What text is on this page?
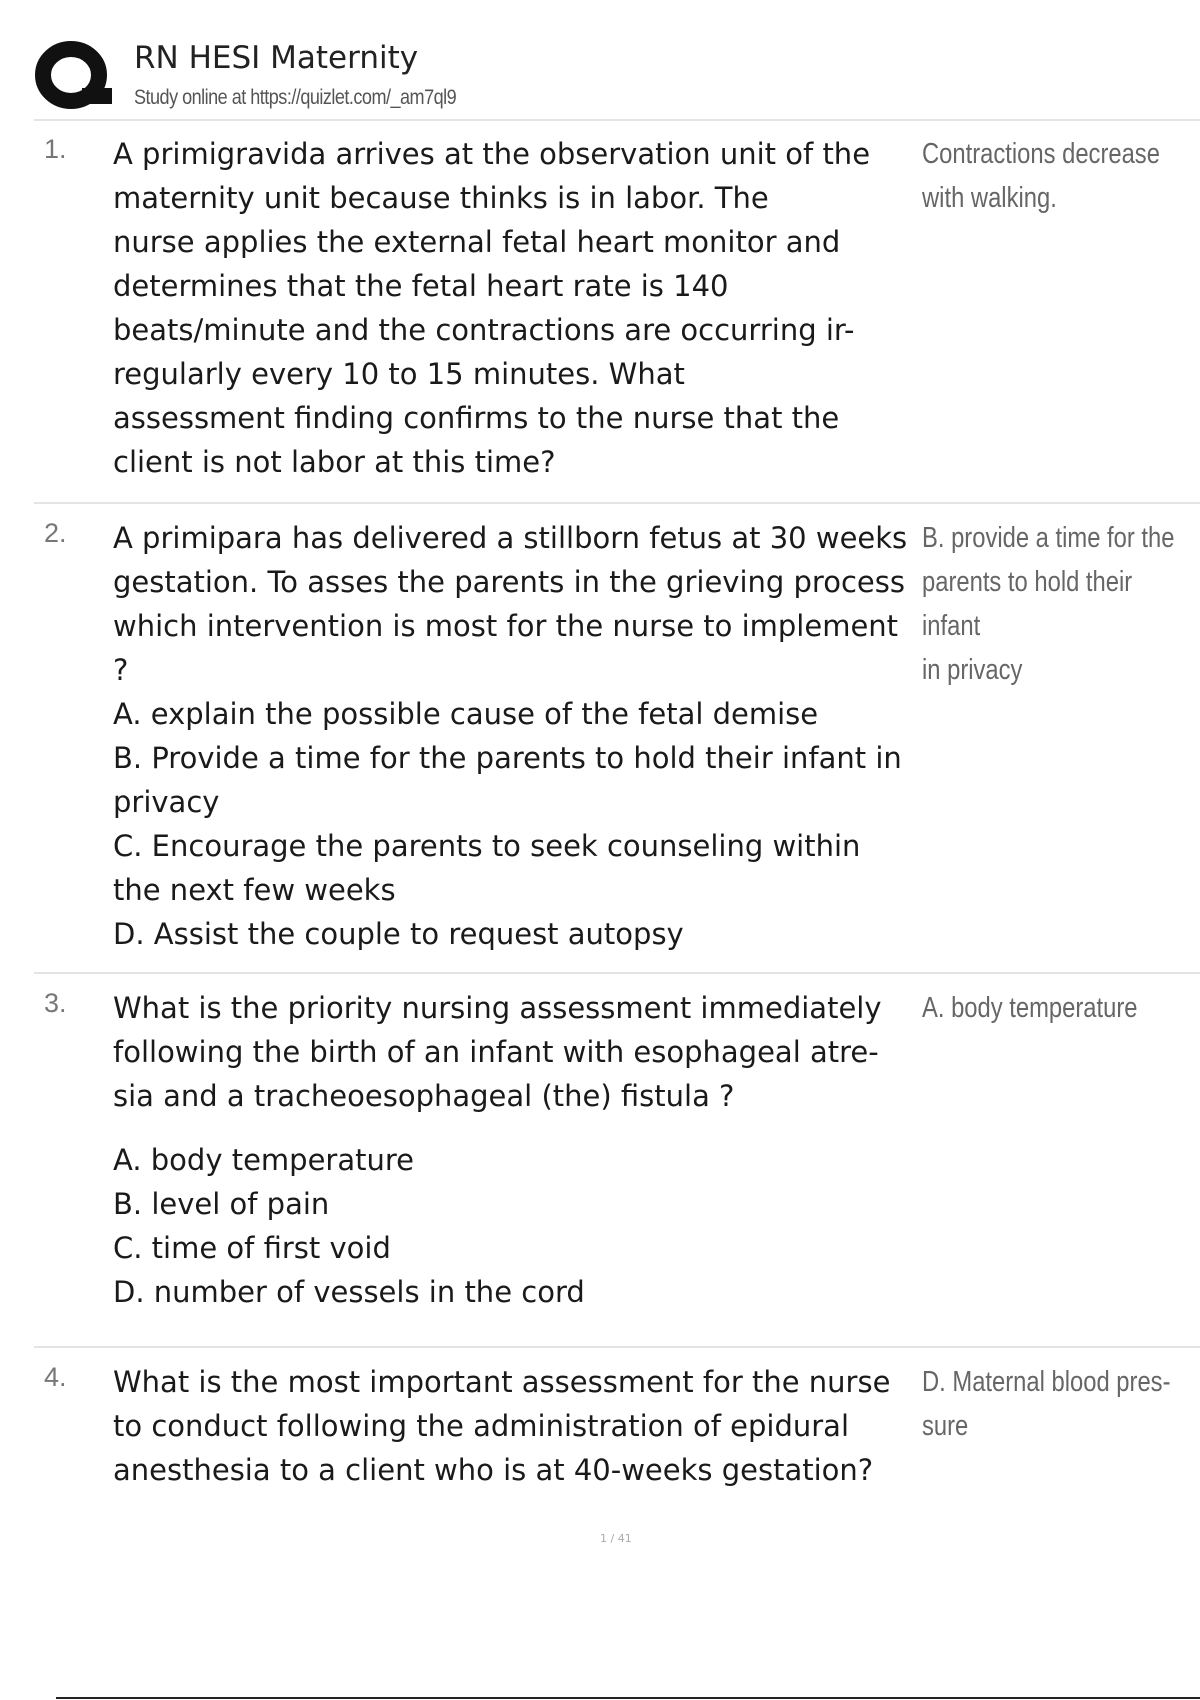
RN HESI Maternity
Study online at https://quizlet.com/_am7ql9
1. A primigravida arrives at the observation unit of the

maternity unit because thinks is in labor. The

nurse applies the external fetal heart monitor and

determines that the fetal heart rate is 140

beats/minute and the contractions are occurring ir-

regularly every 10 to 15 minutes. What

assessment finding confirms to the nurse that the

client is not labor at this time?

Contractions decrease
with walking.
2. A primipara has delivered a stillborn fetus at 30 weeks

gestation. To asses the parents in the grieving process

which intervention is most for the nurse to implement

?

A. explain the possible cause of the fetal demise

B. Provide a time for the parents to hold their infant in

privacy

C. Encourage the parents to seek counseling within

the next few weeks

D. Assist the couple to request autopsy

B. provide a time for the
parents to hold their infant
in privacy
3. What is the priority nursing assessment immediately

following the birth of an infant with esophageal atre-

sia and a tracheoesophageal (the) fistula ?

A. body temperature

B. level of pain

C. time of first void

D. number of vessels in the cord

A. body temperature
4. What is the most important assessment for the nurse

to conduct following the administration of epidural

anesthesia to a client who is at 40-weeks gestation?

D. Maternal blood pres-
sure
1 / 41
